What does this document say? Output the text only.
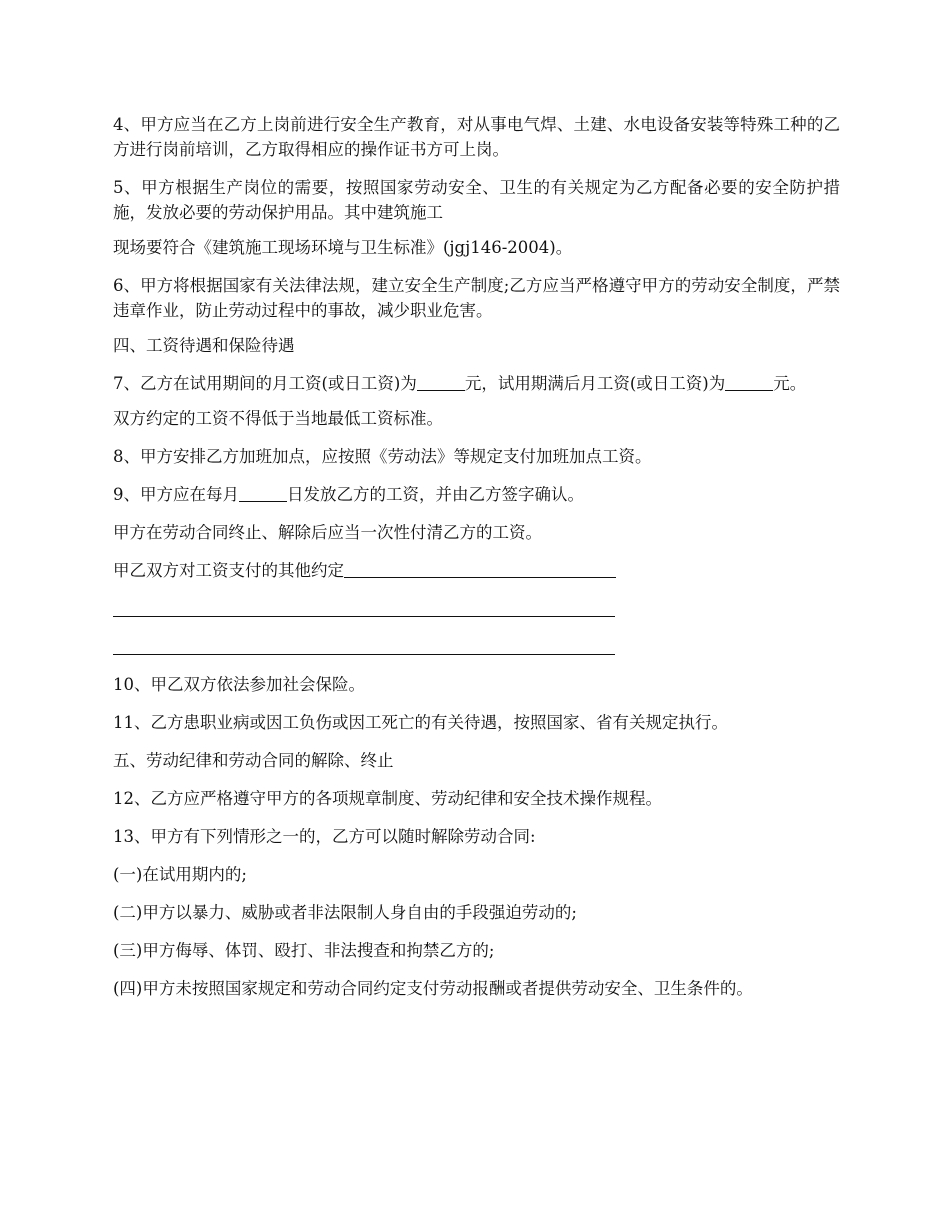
4、甲方应当在乙方上岗前进行安全生产教育，对从事电气焊、土建、水电设备安装等特殊工种的乙方进行岗前培训，乙方取得相应的操作证书方可上岗。

5、甲方根据生产岗位的需要，按照国家劳动安全、卫生的有关规定为乙方配备必要的安全防护措施，发放必要的劳动保护用品。其中建筑施工

现场要符合《建筑施工现场环境与卫生标准》(jgj146-2004)。

6、甲方将根据国家有关法律法规，建立安全生产制度;乙方应当严格遵守甲方的劳动安全制度，严禁违章作业，防止劳动过程中的事故，减少职业危害。

四、工资待遇和保险待遇

7、乙方在试用期间的月工资(或日工资)为	元，试用期满后月工资(或日工资)为	元。

双方约定的工资不得低于当地最低工资标准。

8、甲方安排乙方加班加点，应按照《劳动法》等规定支付加班加点工资。

9、甲方应在每月	日发放乙方的工资，并由乙方签字确认。

甲方在劳动合同终止、解除后应当一次性付清乙方的工资。

甲乙双方对工资支付的其他约定

10、甲乙双方依法参加社会保险。

11、乙方患职业病或因工负伤或因工死亡的有关待遇，按照国家、省有关规定执行。

五、劳动纪律和劳动合同的解除、终止

12、乙方应严格遵守甲方的各项规章制度、劳动纪律和安全技术操作规程。

13、甲方有下列情形之一的，乙方可以随时解除劳动合同:

(一)在试用期内的;

(二)甲方以暴力、威胁或者非法限制人身自由的手段强迫劳动的;

(三)甲方侮辱、体罚、殴打、非法搜查和拘禁乙方的;

(四)甲方未按照国家规定和劳动合同约定支付劳动报酬或者提供劳动安全、卫生条件的。
